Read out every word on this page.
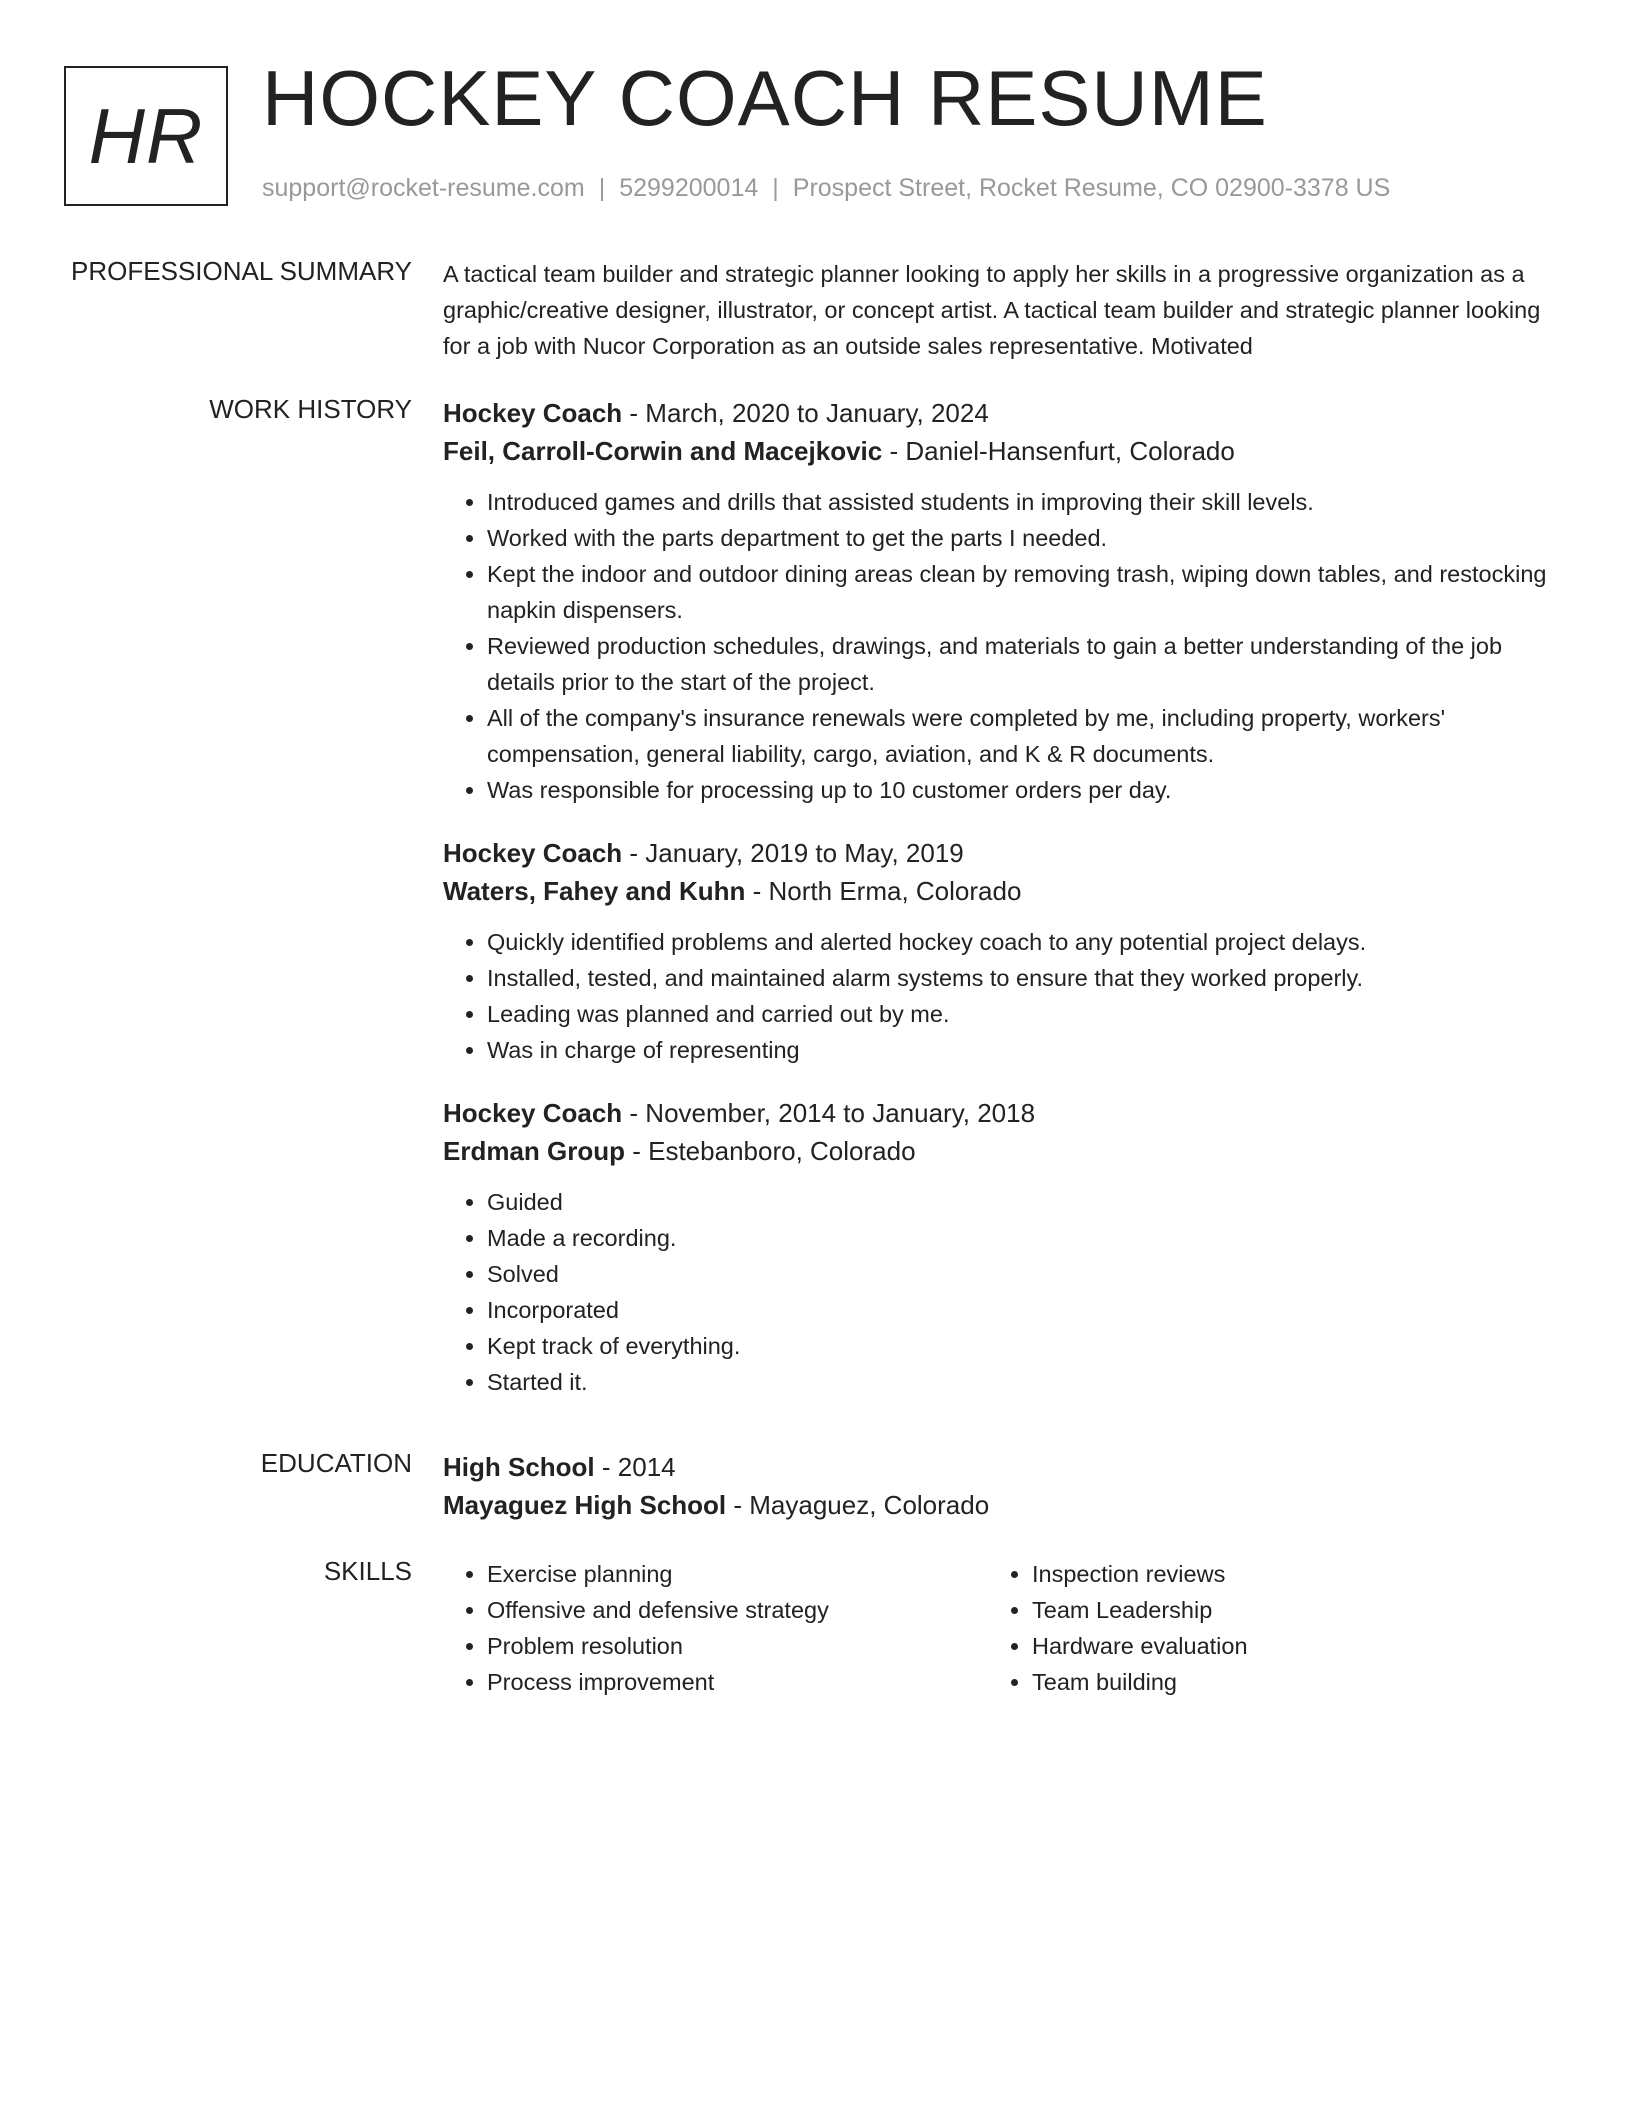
HR HOCKEY COACH RESUME
support@rocket-resume.com | 5299200014 | Prospect Street, Rocket Resume, CO 02900-3378 US
PROFESSIONAL SUMMARY A tactical team builder and strategic planner looking to apply her skills in a progressive organization as a graphic/creative designer, illustrator, or concept artist. A tactical team builder and strategic planner looking for a job with Nucor Corporation as an outside sales representative. Motivated

WORK HISTORY Hockey Coach - March, 2020 to January, 2024

Feil, Carroll-Corwin and Macejkovic - Daniel-Hansenfurt, Colorado

• Introduced games and drills that assisted students in improving their skill levels.
• Worked with the parts department to get the parts I needed.
• Kept the indoor and outdoor dining areas clean by removing trash, wiping down tables, and restocking napkin dispensers.
• Reviewed production schedules, drawings, and materials to gain a better understanding of the job details prior to the start of the project.
• All of the company's insurance renewals were completed by me, including property, workers' compensation, general liability, cargo, aviation, and K & R documents.
• Was responsible for processing up to 10 customer orders per day.

Hockey Coach - January, 2019 to May, 2019

Waters, Fahey and Kuhn - North Erma, Colorado

• Quickly identified problems and alerted hockey coach to any potential project delays.
• Installed, tested, and maintained alarm systems to ensure that they worked properly.
• Leading was planned and carried out by me.
• Was in charge of representing

Hockey Coach - November, 2014 to January, 2018

Erdman Group - Estebanboro, Colorado

• Guided
• Made a recording.
• Solved
• Incorporated
• Kept track of everything.
• Started it.
EDUCATION High School - 2014

Mayaguez High School - Mayaguez, Colorado

SKILLS
•	Exercise planning
• Offensive and defensive strategy
• Problem resolution
• Process improvement
• Inspection reviews
• Team Leadership
• Hardware evaluation
• Team building
